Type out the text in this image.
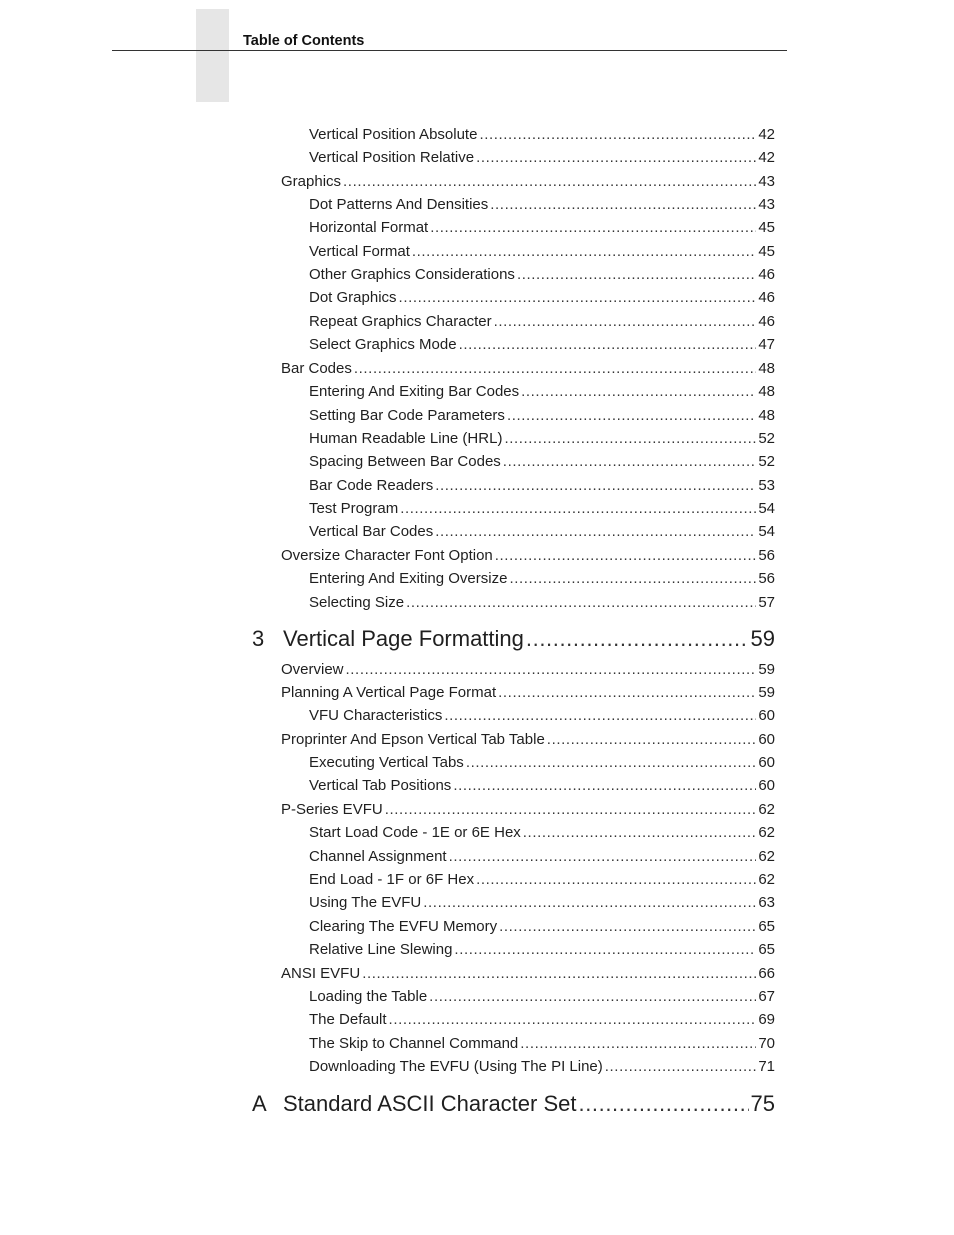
Table of Contents
Vertical Position Absolute .....	42
Vertical Position Relative .....	42
Graphics .....	43
Dot Patterns And Densities .....	43
Horizontal Format .....	45
Vertical Format .....	45
Other Graphics Considerations .....	46
Dot Graphics .....	46
Repeat Graphics Character .....	46
Select Graphics Mode .....	47
Bar Codes .....	48
Entering And Exiting Bar Codes .....	48
Setting Bar Code Parameters .....	48
Human Readable Line (HRL) .....	52
Spacing Between Bar Codes .....	52
Bar Code Readers .....	53
Test Program .....	54
Vertical Bar Codes .....	54
Oversize Character Font Option .....	56
Entering And Exiting Oversize .....	56
Selecting Size .....	57
3 Vertical Page Formatting .....	59
Overview .....	59
Planning A Vertical Page Format .....	59
VFU Characteristics .....	60
Proprinter And Epson Vertical Tab Table .....	60
Executing Vertical Tabs .....	60
Vertical Tab Positions .....	60
P-Series EVFU .....	62
Start Load Code - 1E or 6E Hex .....	62
Channel Assignment .....	62
End Load - 1F or 6F Hex .....	62
Using The EVFU .....	63
Clearing The EVFU Memory .....	65
Relative Line Slewing .....	65
ANSI EVFU .....	66
Loading the Table .....	67
The Default .....	69
The Skip to Channel Command .....	70
Downloading The EVFU (Using The PI Line) .....	71
A Standard ASCII Character Set .....	75
